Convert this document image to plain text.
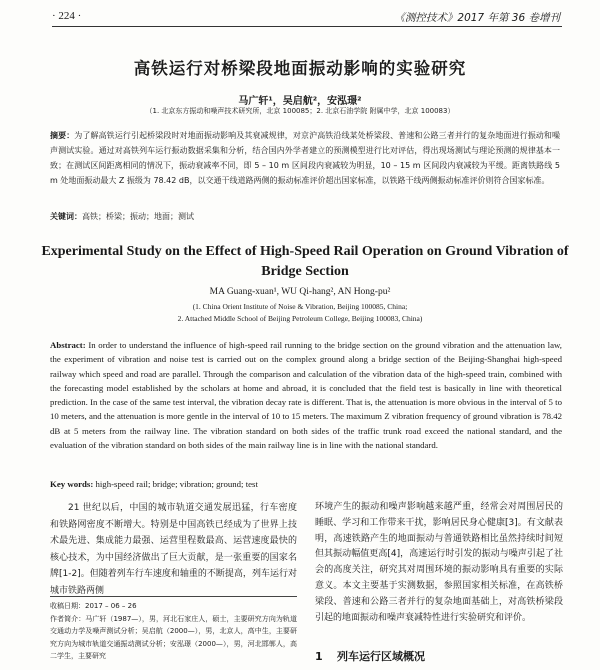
· 224 ·	《测控技术》2017 年第 36 卷增刊
高铁运行对桥梁段地面振动影响的实验研究
马广轩¹，吴启航²，安泓璟²
（1. 北京东方振动和噪声技术研究所，北京 100085；2. 北京石油学院 附属中学，北京 100083）
摘要：为了解高铁运行引起桥梁段时对地面振动影响及其衰减规律，对京沪高铁沿线某处桥梁段、普速和公路三者并行的复杂地面进行振动和噪声测试实验。通过对高铁列车运行振动数据采集和分析，结合国内外学者建立的预测模型进行比对评估，得出现场测试与理论预测的规律基本一致；在测试区间距离相同的情况下，振动衰减率不同，即 5 – 10 m 区间段内衰减较为明显，10 – 15 m 区间段内衰减较为平缓。距离铁路线 5 m 处地面振动最大 Z 振级为 78.42 dB，以交通干线道路两侧的振动标准评价超出国家标准，以铁路干线两侧振动标准评价则符合国家标准。
关键词：高铁；桥梁；振动；地面；测试
Experimental Study on the Effect of High-Speed Rail Operation on Ground Vibration of Bridge Section
MA Guang-xuan¹, WU Qi-hang², AN Hong-pu²
(1. China Orient Institute of Noise & Vibration, Beijing 100085, China;
2. Attached Middle School of Beijing Petroleum College, Beijing 100083, China)
Abstract: In order to understand the influence of high-speed rail running to the bridge section on the ground vibration and the attenuation law, the experiment of vibration and noise test is carried out on the complex ground along a bridge section of the Beijing-Shanghai high-speed railway which speed and road are parallel. Through the comparison and calculation of the vibration data of the high-speed train, combined with the forecasting model established by the scholars at home and abroad, it is concluded that the field test is basically in line with theoretical prediction. In the case of the same test interval, the vibration decay rate is different. That is, the attenuation is more obvious in the interval of 5 to 10 meters, and the attenuation is more gentle in the interval of 10 to 15 meters. The maximum Z vibration frequency of ground vibration is 78.42 dB at 5 meters from the railway line. The vibration standard on both sides of the traffic trunk road exceed the national standard, and the evaluation of the vibration standard on both sides of the main railway line is in line with the national standard.
Key words: high-speed rail; bridge; vibration; ground; test
21 世纪以后，中国的城市轨道交通发展迅猛，行车密度和铁路网密度不断增大。特别是中国高铁已经成为了世界上技术最先进、集成能力最强、运营里程数最高、运营速度最快的核心技术，为中国经济做出了巨大贡献，是一张重要的国家名牌[1-2]。但随着列车行车速度和轴重的不断提高，列车运行对城市铁路两侧
环境产生的振动和噪声影响越来越严重，经常会对周围居民的睡眠、学习和工作带来干扰，影响居民身心健康[3]。有文献表明，高速铁路产生的地面振动与普通铁路相比虽然持续时间短但其振动幅值更高[4]，高速运行时引发的振动与噪声引起了社会的高度关注，研究其对周围环境的振动影响具有重要的实际意义。本文主要基于实测数据，参照国家相关标准，在高铁桥梁段、普速和公路三者并行的复杂地面基础上，对高铁桥梁段引起的地面振动和噪声衰减特性进行实验研究和评价。
收稿日期：2017 – 06 – 26
作者简介：马广轩（1987—），男，河北石家庄人，硕士，主要研究方向为轨道交通动力学及噪声测试分析；吴启航（2000—），男，北京人，高中生，主要研究方向为城市轨道交通振动测试分析；安泓璟（2000—），男，河北邯郸人，高二学生，主要研究	1 列车运行区域概况
